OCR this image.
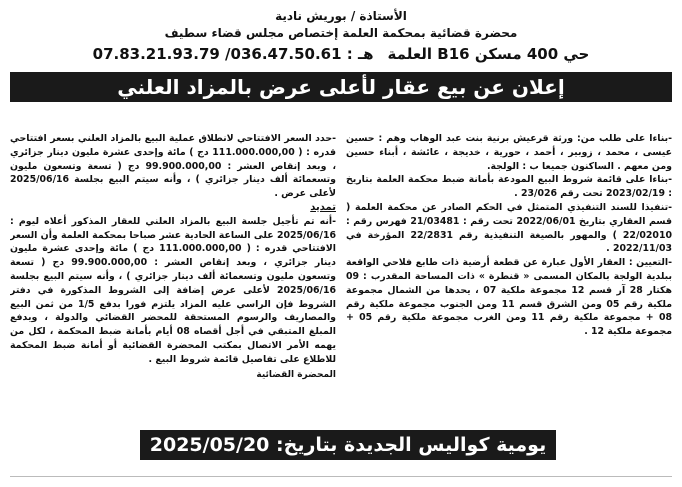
الأستاذة / بوريش نادية
محضرة قضائية بمحكمة العلمة إختصاص مجلس قضاء سطيف
حي 400 مسكن B16 العلمة
هـ : 036.47.50.61/ 07.83.21.93.79
إعلان عن بيع عقار لأعلى عرض بالمزاد العلني

-حدد السعر الافتتاحي لانطلاق عملية البيع بالمزاد العلني بسعر افتتاحي قدره : ( 111.000.000,00 دج ) مائة وإحدى عشرة مليون دينار جزائري ، وبعد إنقاص العشر : 99.900.000,00 دج ( تسعة وتسعون مليون وتسعمائة ألف دينار جزائري ) ، وأنه سيتم البيع بجلسة 2025/06/16 لأعلى عرض .

تمديد

-أنه تم تأجيل جلسة البيع بالمزاد العلني للعقار المذكور أعلاه ليوم : 2025/06/16 على الساعة الحادية عشر صباحا بمحكمة العلمة وأن السعر الافتتاحي قدره : ( 111.000.000,00 دج ) مائة وإحدى عشرة مليون دينار جزائري ، وبعد إنقاص العشر : 99.900.000,00 دج ( تسعة وتسعون مليون وتسعمائة ألف دينار جزائري ) ، وأنه سيتم البيع بجلسة 2025/06/16 لأعلى عرض إضافة إلى الشروط المذكورة في دفتر الشروط فإن الراسي عليه المزاد يلتزم فورا بدفع 1/5 من ثمن البيع والمصاريف والرسوم المستحقة للمحضر القضائي والدولة ، ويدفع المبلغ المتبقي في أجل أقصاه 08 أيام بأمانة ضبط المحكمة ، لكل من يهمه الأمر الاتصال بمكتب المحضرة القضائية أو أمانة ضبط المحكمة للاطلاع على تفاصيل قائمة شروط البيع .

المحضرة القضائية

-بناءا على طلب من: ورثة قرعيش برنية بنت عبد الوهاب وهم : حسين عيسى ، محمد ، زوبير ، أحمد ، حورية ، خديجة ، عائشة ، أبناء حسين ومن معهم . الساكنون جميعا ب : الولجة.

-بناءا على قائمة شروط البيع المودعة بأمانة ضبط محكمة العلمة بتاريخ : 2023/02/19 تحت رقم 23/026 .

-تنفيذا للسند التنفيذي المتمثل في الحكم الصادر عن محكمة العلمة ( قسم العقاري بتاريخ 2022/06/01 تحت رقم : 21/03481 فهرس رقم : 22/02010 ) والمهور بالصيغة التنفيذية رقم 22/2831 المؤرخة في 2022/11/03 .

-التعيين : العقار الأول عبارة عن قطعة أرضية ذات طابع فلاحي الواقعة ببلدية الولجة بالمكان المسمى « قنطرة » ذات المساحة المقدرب : 09 هكتار 28 آر قسم 12 مجموعة ملكية 07 ، يحدها من الشمال مجموعة ملكية رقم 05 ومن الشرق قسم 11 ومن الجنوب مجموعة ملكية رقم 08 + مجموعة ملكية رقم 11 ومن الغرب مجموعة ملكية رقم 05 + مجموعة ملكية 12 .

يومية كواليس الجديدة بتاريخ: 2025/05/20
